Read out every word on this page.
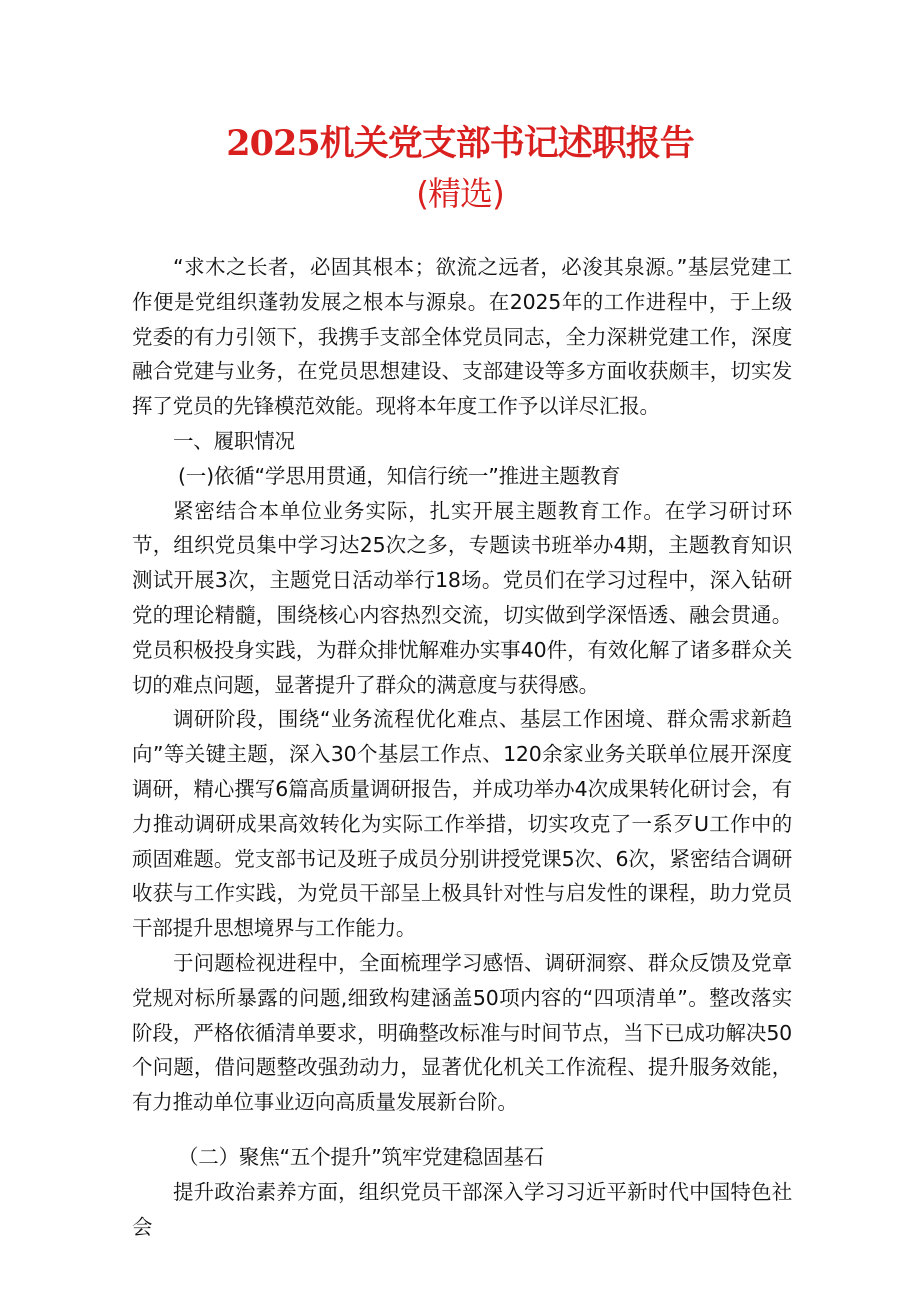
2025机关党支部书记述职报告
(精选)

“求木之长者，必固其根本；欲流之远者，必浚其泉源。”基层党建工作便是党组织蓬勃发展之根本与源泉。在2025年的工作进程中，于上级党委的有力引领下，我携手支部全体党员同志，全力深耕党建工作，深度融合党建与业务，在党员思想建设、支部建设等多方面收获颇丰，切实发挥了党员的先锋模范效能。现将本年度工作予以详尽汇报。

一、履职情况

(一)依循“学思用贯通，知信行统一”推进主题教育

紧密结合本单位业务实际，扎实开展主题教育工作。在学习研讨环节，组织党员集中学习达25次之多，专题读书班举办4期，主题教育知识测试开展3次，主题党日活动举行18场。党员们在学习过程中，深入钻研党的理论精髓，围绕核心内容热烈交流，切实做到学深悟透、融会贯通。党员积极投身实践，为群众排忧解难办实事40件，有效化解了诸多群众关切的难点问题，显著提升了群众的满意度与获得感。

调研阶段，围绕“业务流程优化难点、基层工作困境、群众需求新趋向”等关键主题，深入30个基层工作点、120余家业务关联单位展开深度调研，精心撰写6篇高质量调研报告，并成功举办4次成果转化研讨会，有力推动调研成果高效转化为实际工作举措，切实攻克了一系歹U工作中的顽固难题。党支部书记及班子成员分别讲授党课5次、6次，紧密结合调研收获与工作实践，为党员干部呈上极具针对性与启发性的课程，助力党员干部提升思想境界与工作能力。

于问题检视进程中，全面梳理学习感悟、调研洞察、群众反馈及党章党规对标所暴露的问题,细致构建涵盖50项内容的“四项清单”。整改落实阶段，严格依循清单要求，明确整改标准与时间节点，当下已成功解决50个问题，借问题整改强劲动力，显著优化机关工作流程、提升服务效能，有力推动单位事业迈向高质量发展新台阶。

（二）聚焦“五个提升”筑牢党建稳固基石

提升政治素养方面，组织党员干部深入学习习近平新时代中国特色社会
